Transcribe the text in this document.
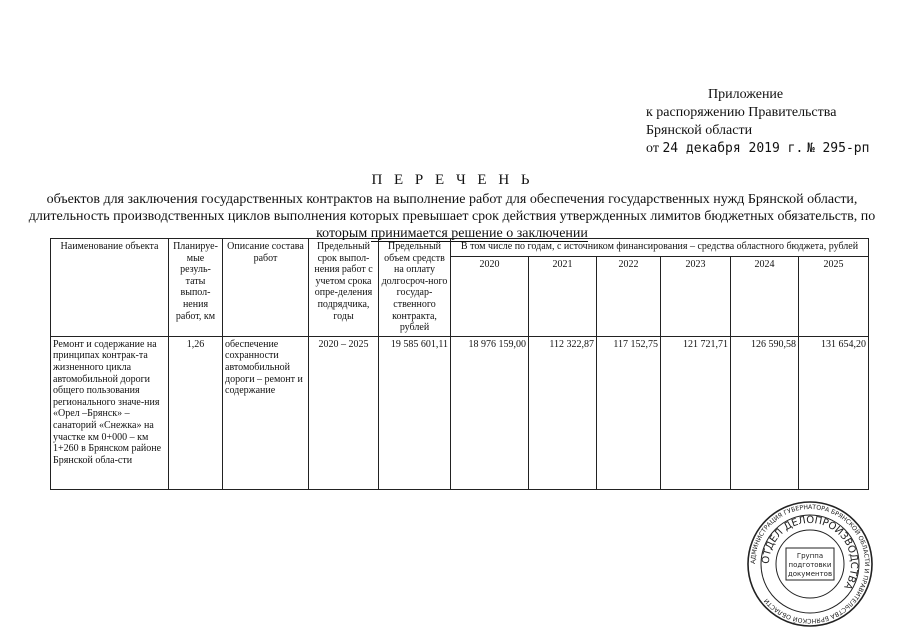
Приложение
к распоряжению Правительства
Брянской области
от 24 декабря 2019 г. № 295-рп
П Е Р Е Ч Е Н Ь
объектов для заключения государственных контрактов на выполнение работ для обеспечения государственных нужд Брянской области, длительность производственных циклов выполнения которых превышает срок действия утвержденных лимитов бюджетных обязательств, по которым принимается решение о заключении
Наименование объекта	Планируе-мые резуль-таты выпол-нения работ, км	Описание состава работ	Предельный срок выпол-нения работ с учетом срока опре-деления подрядчика, годы	Предельный объем средств на оплату долгосроч-ного государ-ственного контракта, рублей	В том числе по годам, с источником финансирования – средства областного бюджета, рублей					
					2020	2021	2022	2023	2024	2025
Ремонт и содержание на принципах контрак-та жизненного цикла автомобильной дороги общего пользования регионального значе-ния «Орел –Брянск» – санаторий «Снежка» на участке км 0+000 – км 1+260 в Брянском районе Брянской обла-сти	1,26	обеспечение сохранности автомобильной дороги – ремонт и содержание	2020 – 2025	19 585 601,11	18 976 159,00	112 322,87	117 152,75	121 721,71	126 590,58	131 654,20
АДМИНИСТРАЦИЯ ГУБЕРНАТОРА БРЯНСКОЙ ОБЛАСТИ И ПРАВИТЕЛЬСТВА БРЯНСКОЙ ОБЛАСТИ
ОТДЕЛ ДЕЛОПРОИЗВОДСТВА
Группа
подготовки
документов
